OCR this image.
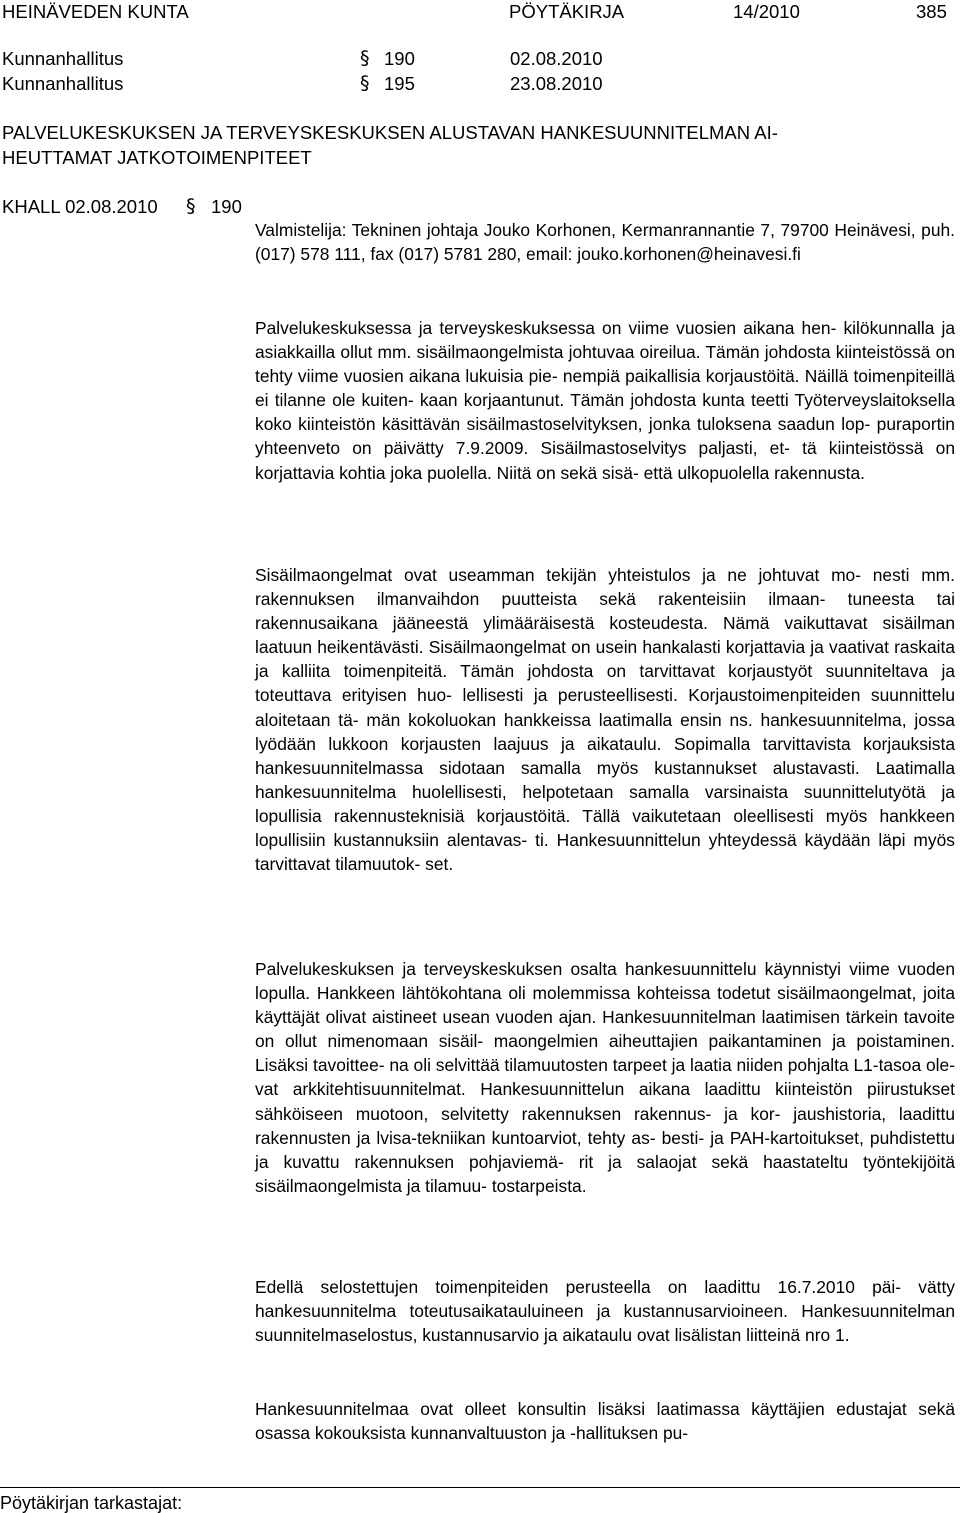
HEINÄVEDEN KUNTA	PÖYTÄKIRJA	14/2010	385
Kunnanhallitus	§ 190	02.08.2010
Kunnanhallitus	§ 195	23.08.2010
PALVELUKESKUKSEN JA TERVEYSKESKUKSEN ALUSTAVAN HANKESUUNNITELMAN AI-
HEUTTAMAT JATKOTOIMENPITEET
KHALL 02.08.2010 § 190
Valmistelija: Tekninen johtaja Jouko Korhonen, Kermanrannantie 7, 79700 Heinävesi, puh. (017) 578 111, fax (017) 5781 280, email: jouko.korhonen@heinavesi.fi
Palvelukeskuksessa ja terveyskeskuksessa on viime vuosien aikana hen- kilökunnalla ja asiakkailla ollut mm. sisäilmaongelmista johtuvaa oireilua. Tämän johdosta kiinteistössä on tehty viime vuosien aikana lukuisia pie- nempiä paikallisia korjaustöitä. Näillä toimenpiteillä ei tilanne ole kuiten- kaan korjaantunut. Tämän johdosta kunta teetti Työterveyslaitoksella koko kiinteistön käsittävän sisäilmastoselvityksen, jonka tuloksena saadun lop- puraportin yhteenveto on päivätty 7.9.2009. Sisäilmastoselvitys paljasti, et- tä kiinteistössä on korjattavia kohtia joka puolella. Niitä on sekä sisä- että ulkopuolella rakennusta.
Sisäilmaongelmat ovat useamman tekijän yhteistulos ja ne johtuvat mo- nesti mm. rakennuksen ilmanvaihdon puutteista sekä rakenteisiin ilmaan- tuneesta tai rakennusaikana jääneestä ylimääräisestä kosteudesta. Nämä vaikuttavat sisäilman laatuun heikentävästi. Sisäilmaongelmat on usein hankalasti korjattavia ja vaativat raskaita ja kalliita toimenpiteitä. Tämän johdosta on tarvittavat korjaustyöt suunniteltava ja toteuttava erityisen huo- lellisesti ja perusteellisesti. Korjaustoimenpiteiden suunnittelu aloitetaan tä- män kokoluokan hankkeissa laatimalla ensin ns. hankesuunnitelma, jossa lyödään lukkoon korjausten laajuus ja aikataulu. Sopimalla tarvittavista korjauksista hankesuunnitelmassa sidotaan samalla myös kustannukset alustavasti. Laatimalla hankesuunnitelma huolellisesti, helpotetaan samalla varsinaista suunnittelutyötä ja lopullisia rakennusteknisiä korjaustöitä. Tällä vaikutetaan oleellisesti myös hankkeen lopullisiin kustannuksiin alentavas- ti. Hankesuunnittelun yhteydessä käydään läpi myös tarvittavat tilamuutok- set.
Palvelukeskuksen ja terveyskeskuksen osalta hankesuunnittelu käynnistyi viime vuoden lopulla. Hankkeen lähtökohtana oli molemmissa kohteissa todetut sisäilmaongelmat, joita käyttäjät olivat aistineet usean vuoden ajan. Hankesuunnitelman laatimisen tärkein tavoite on ollut nimenomaan sisäil- maongelmien aiheuttajien paikantaminen ja poistaminen. Lisäksi tavoittee- na oli selvittää tilamuutosten tarpeet ja laatia niiden pohjalta L1-tasoa ole- vat arkkitehtisuunnitelmat. Hankesuunnittelun aikana laadittu kiinteistön piirustukset sähköiseen muotoon, selvitetty rakennuksen rakennus- ja kor- jaushistoria, laadittu rakennusten ja lvisa-tekniikan kuntoarviot, tehty as- besti- ja PAH-kartoitukset, puhdistettu ja kuvattu rakennuksen pohjaviemä- rit ja salaojat sekä haastateltu työntekijöitä sisäilmaongelmista ja tilamuu- tostarpeista.
Edellä selostettujen toimenpiteiden perusteella on laadittu 16.7.2010 päi- vätty hankesuunnitelma toteutusaikatauluineen ja kustannusarvioineen. Hankesuunnitelman suunnitelmaselostus, kustannusarvio ja aikataulu ovat lisälistan liitteinä nro 1.
Hankesuunnitelmaa ovat olleet konsultin lisäksi laatimassa käyttäjien edustajat sekä osassa kokouksista kunnanvaltuuston ja -hallituksen pu-
Pöytäkirjan tarkastajat:
